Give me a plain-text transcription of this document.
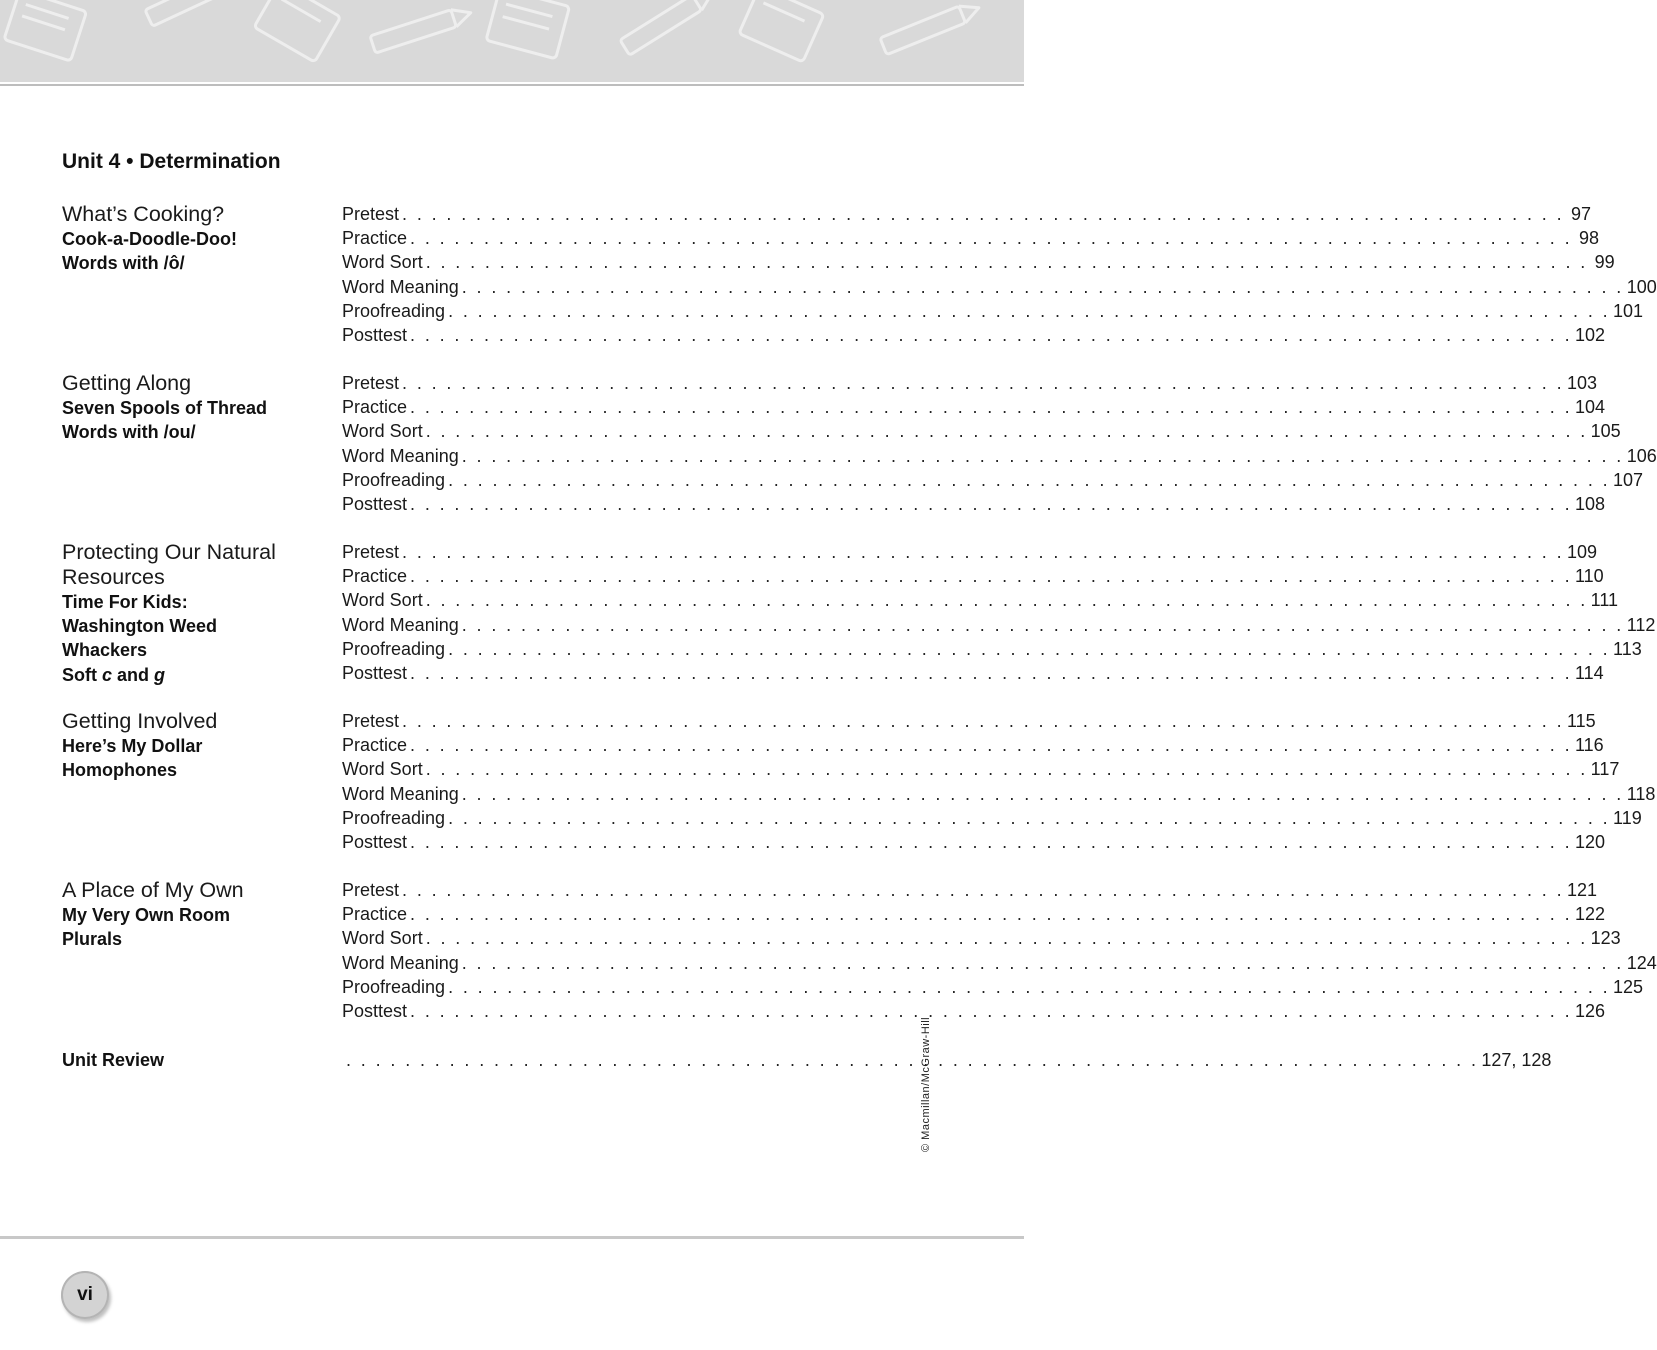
Unit 4 • Determination
What’s Cooking?
Cook-a-Doodle-Doo!
Words with /ô/
Pretest . . . . . . . . . . . . . . . . . . . . . . . . . . . . . . . . . . . . . . . . . . . . . . . . . . . . . . . . . . . . . . . . . . . . . . . . . . . . . . . 97
Practice . . . . . . . . . . . . . . . . . . . . . . . . . . . . . . . . . . . . . . . . . . . . . . . . . . . . . . . . . . . . . . . . . . . . . . . . . . . . . . . 98
Word Sort . . . . . . . . . . . . . . . . . . . . . . . . . . . . . . . . . . . . . . . . . . . . . . . . . . . . . . . . . . . . . . . . . . . . . . . . . . . . . . . 99
Word Meaning . . . . . . . . . . . . . . . . . . . . . . . . . . . . . . . . . . . . . . . . . . . . . . . . . . . . . . . . . . . . . . . . . . . . . . . . . . . . . . . 100
Proofreading . . . . . . . . . . . . . . . . . . . . . . . . . . . . . . . . . . . . . . . . . . . . . . . . . . . . . . . . . . . . . . . . . . . . . . . . . . . . . . . 101
Posttest . . . . . . . . . . . . . . . . . . . . . . . . . . . . . . . . . . . . . . . . . . . . . . . . . . . . . . . . . . . . . . . . . . . . . . . . . . . . . . . 102
Getting Along
Seven Spools of Thread
Words with /ou/
Pretest . . . . . . . . . . . . . . . . . . . . . . . . . . . . . . . . . . . . . . . . . . . . . . . . . . . . . . . . . . . . . . . . . . . . . . . . . . . . . . . 103
Practice . . . . . . . . . . . . . . . . . . . . . . . . . . . . . . . . . . . . . . . . . . . . . . . . . . . . . . . . . . . . . . . . . . . . . . . . . . . . . . . 104
Word Sort . . . . . . . . . . . . . . . . . . . . . . . . . . . . . . . . . . . . . . . . . . . . . . . . . . . . . . . . . . . . . . . . . . . . . . . . . . . . . . . 105
Word Meaning . . . . . . . . . . . . . . . . . . . . . . . . . . . . . . . . . . . . . . . . . . . . . . . . . . . . . . . . . . . . . . . . . . . . . . . . . . . . . . . 106
Proofreading . . . . . . . . . . . . . . . . . . . . . . . . . . . . . . . . . . . . . . . . . . . . . . . . . . . . . . . . . . . . . . . . . . . . . . . . . . . . . . . 107
Posttest . . . . . . . . . . . . . . . . . . . . . . . . . . . . . . . . . . . . . . . . . . . . . . . . . . . . . . . . . . . . . . . . . . . . . . . . . . . . . . . 108
Protecting Our Natural
Resources
Time For Kids:
Washington Weed
Whackers
Soft c and g
Pretest . . . . . . . . . . . . . . . . . . . . . . . . . . . . . . . . . . . . . . . . . . . . . . . . . . . . . . . . . . . . . . . . . . . . . . . . . . . . . . . 109
Practice . . . . . . . . . . . . . . . . . . . . . . . . . . . . . . . . . . . . . . . . . . . . . . . . . . . . . . . . . . . . . . . . . . . . . . . . . . . . . . . 110
Word Sort . . . . . . . . . . . . . . . . . . . . . . . . . . . . . . . . . . . . . . . . . . . . . . . . . . . . . . . . . . . . . . . . . . . . . . . . . . . . . . . 111
Word Meaning . . . . . . . . . . . . . . . . . . . . . . . . . . . . . . . . . . . . . . . . . . . . . . . . . . . . . . . . . . . . . . . . . . . . . . . . . . . . . . . 112
Proofreading . . . . . . . . . . . . . . . . . . . . . . . . . . . . . . . . . . . . . . . . . . . . . . . . . . . . . . . . . . . . . . . . . . . . . . . . . . . . . . . 113
Posttest . . . . . . . . . . . . . . . . . . . . . . . . . . . . . . . . . . . . . . . . . . . . . . . . . . . . . . . . . . . . . . . . . . . . . . . . . . . . . . . 114
Getting Involved
Here’s My Dollar
Homophones
Pretest . . . . . . . . . . . . . . . . . . . . . . . . . . . . . . . . . . . . . . . . . . . . . . . . . . . . . . . . . . . . . . . . . . . . . . . . . . . . . . . 115
Practice . . . . . . . . . . . . . . . . . . . . . . . . . . . . . . . . . . . . . . . . . . . . . . . . . . . . . . . . . . . . . . . . . . . . . . . . . . . . . . . 116
Word Sort . . . . . . . . . . . . . . . . . . . . . . . . . . . . . . . . . . . . . . . . . . . . . . . . . . . . . . . . . . . . . . . . . . . . . . . . . . . . . . . 117
Word Meaning . . . . . . . . . . . . . . . . . . . . . . . . . . . . . . . . . . . . . . . . . . . . . . . . . . . . . . . . . . . . . . . . . . . . . . . . . . . . . . . 118
Proofreading . . . . . . . . . . . . . . . . . . . . . . . . . . . . . . . . . . . . . . . . . . . . . . . . . . . . . . . . . . . . . . . . . . . . . . . . . . . . . . . 119
Posttest . . . . . . . . . . . . . . . . . . . . . . . . . . . . . . . . . . . . . . . . . . . . . . . . . . . . . . . . . . . . . . . . . . . . . . . . . . . . . . . 120
A Place of My Own
My Very Own Room
Plurals
Pretest . . . . . . . . . . . . . . . . . . . . . . . . . . . . . . . . . . . . . . . . . . . . . . . . . . . . . . . . . . . . . . . . . . . . . . . . . . . . . . . 121
Practice . . . . . . . . . . . . . . . . . . . . . . . . . . . . . . . . . . . . . . . . . . . . . . . . . . . . . . . . . . . . . . . . . . . . . . . . . . . . . . . 122
Word Sort . . . . . . . . . . . . . . . . . . . . . . . . . . . . . . . . . . . . . . . . . . . . . . . . . . . . . . . . . . . . . . . . . . . . . . . . . . . . . . . 123
Word Meaning . . . . . . . . . . . . . . . . . . . . . . . . . . . . . . . . . . . . . . . . . . . . . . . . . . . . . . . . . . . . . . . . . . . . . . . . . . . . . . . 124
Proofreading . . . . . . . . . . . . . . . . . . . . . . . . . . . . . . . . . . . . . . . . . . . . . . . . . . . . . . . . . . . . . . . . . . . . . . . . . . . . . . . 125
Posttest . . . . . . . . . . . . . . . . . . . . . . . . . . . . . . . . . . . . . . . . . . . . . . . . . . . . . . . . . . . . . . . . . . . . . . . . . . . . . . . 126
Unit Review	. . . . . . . . . . . . . . . . . . . . . . . . . . . . . . . . . . . . . . . . . . . . . . . . . . . . . . . . . . . . . . . . . . . . . . . . . . . . . 127, 128
© Macmillan/McGraw-Hill
vi
